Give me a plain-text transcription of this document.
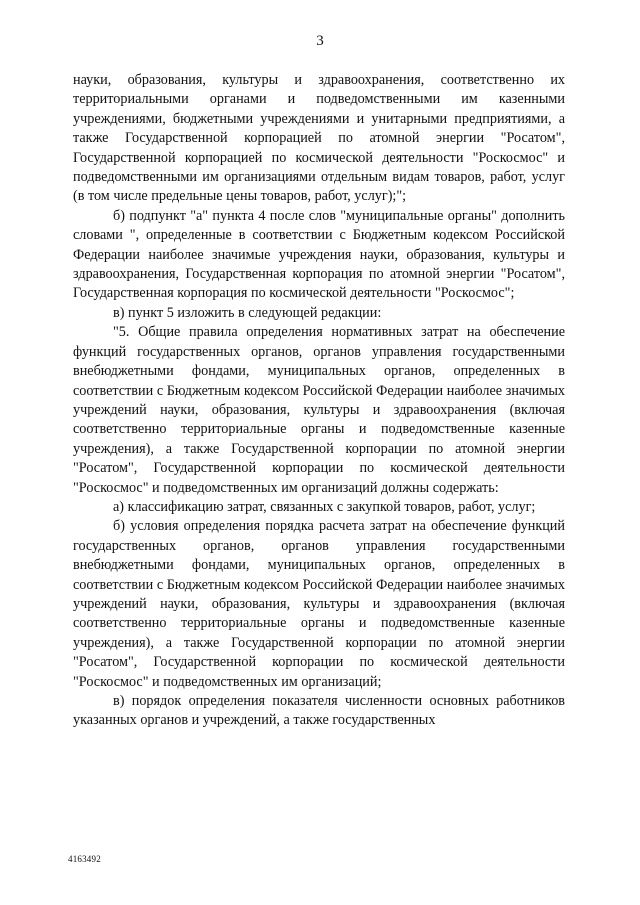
3

науки, образования, культуры и здравоохранения, соответственно их территориальными органами и подведомственными им казенными учреждениями, бюджетными учреждениями и унитарными предприятиями, а также Государственной корпорацией по атомной энергии "Росатом", Государственной корпорацией по космической деятельности "Роскосмос" и подведомственными им организациями отдельным видам товаров, работ, услуг (в том числе предельные цены товаров, работ, услуг);";

б) подпункт "а" пункта 4 после слов "муниципальные органы" дополнить словами ", определенные в соответствии с Бюджетным кодексом Российской Федерации наиболее значимые учреждения науки, образования, культуры и здравоохранения, Государственная корпорация по атомной энергии "Росатом", Государственная корпорация по космической деятельности "Роскосмос";

в) пункт 5 изложить в следующей редакции:

"5. Общие правила определения нормативных затрат на обеспечение функций государственных органов, органов управления государственными внебюджетными фондами, муниципальных органов, определенных в соответствии с Бюджетным кодексом Российской Федерации наиболее значимых учреждений науки, образования, культуры и здравоохранения (включая соответственно территориальные органы и подведомственные казенные учреждения), а также Государственной корпорации по атомной энергии "Росатом", Государственной корпорации по космической деятельности "Роскосмос" и подведомственных им организаций должны содержать:

а) классификацию затрат, связанных с закупкой товаров, работ, услуг;

б) условия определения порядка расчета затрат на обеспечение функций государственных органов, органов управления государственными внебюджетными фондами, муниципальных органов, определенных в соответствии с Бюджетным кодексом Российской Федерации наиболее значимых учреждений науки, образования, культуры и здравоохранения (включая соответственно территориальные органы и подведомственные казенные учреждения), а также Государственной корпорации по атомной энергии "Росатом", Государственной корпорации по космической деятельности "Роскосмос" и подведомственных им организаций;

в) порядок определения показателя численности основных работников указанных органов и учреждений, а также государственных

4163492
